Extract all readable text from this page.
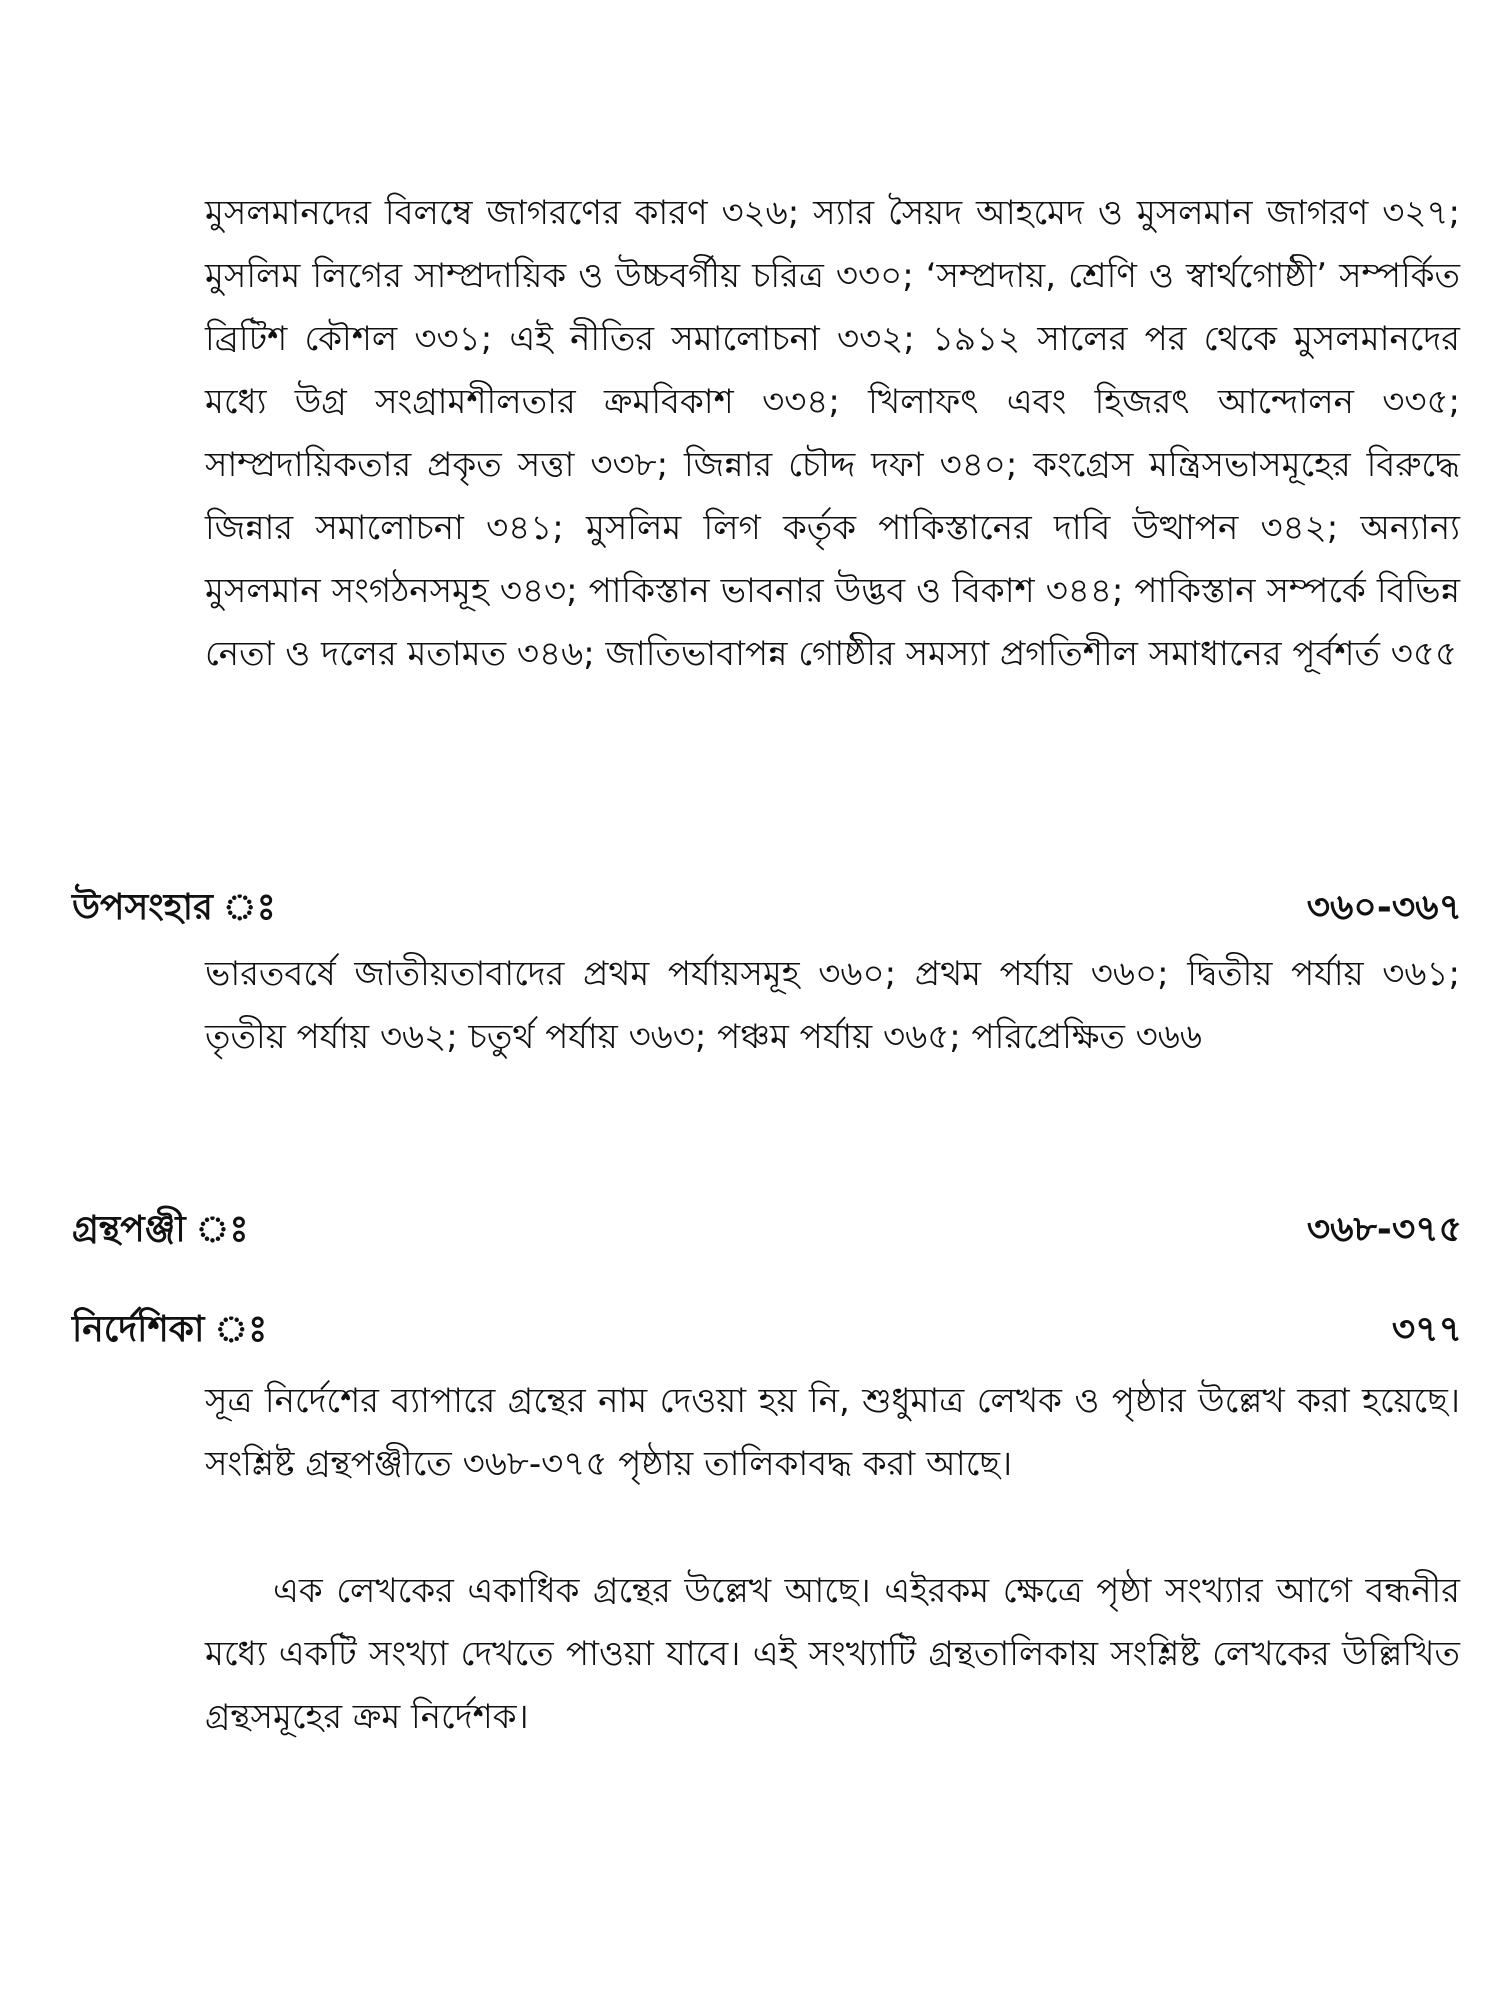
মুসলমানদের বিলম্বে জাগরণের কারণ ৩২৬; স্যার সৈয়দ আহমেদ ও মুসলমান জাগরণ ৩২৭; মুসলিম লিগের সাম্প্রদায়িক ও উচ্চবর্গীয় চরিত্র ৩৩০; ‘সম্প্রদায়, শ্রেণি ও স্বার্থগোষ্ঠী’ সম্পর্কিত ব্রিটিশ কৌশল ৩৩১; এই নীতির সমালোচনা ৩৩২; ১৯১২ সালের পর থেকে মুসলমানদের মধ্যে উগ্র সংগ্রামশীলতার ক্রমবিকাশ ৩৩৪; খিলাফৎ এবং হিজরৎ আন্দোলন ৩৩৫; সাম্প্রদায়িকতার প্রকৃত সত্তা ৩৩৮; জিন্নার চৌদ্দ দফা ৩৪০; কংগ্রেস মন্ত্রিসভাসমূহের বিরুদ্ধে জিন্নার সমালোচনা ৩৪১; মুসলিম লিগ কর্তৃক পাকিস্তানের দাবি উত্থাপন ৩৪২; অন্যান্য মুসলমান সংগঠনসমূহ ৩৪৩; পাকিস্তান ভাবনার উদ্ভব ও বিকাশ ৩৪৪; পাকিস্তান সম্পর্কে বিভিন্ন নেতা ও দলের মতামত ৩৪৬; জাতিভাবাপন্ন গোষ্ঠীর সমস্যা প্রগতিশীল সমাধানের পূর্বশর্ত ৩৫৫

উপসংহার ঃ	৩৬০-৩৬৭

ভারতবর্ষে জাতীয়তাবাদের প্রথম পর্যায়সমূহ ৩৬০; প্রথম পর্যায় ৩৬০; দ্বিতীয় পর্যায় ৩৬১; তৃতীয় পর্যায় ৩৬২; চতুর্থ পর্যায় ৩৬৩; পঞ্চম পর্যায় ৩৬৫; পরিপ্রেক্ষিত ৩৬৬

গ্রন্থপঞ্জী ঃ	৩৬৮-৩৭৫
নির্দেশিকা ঃ	৩৭৭

সূত্র নির্দেশের ব্যাপারে গ্রন্থের নাম দেওয়া হয় নি, শুধুমাত্র লেখক ও পৃষ্ঠার উল্লেখ করা হয়েছে। সংশ্লিষ্ট গ্রন্থপঞ্জীতে ৩৬৮-৩৭৫ পৃষ্ঠায় তালিকাবদ্ধ করা আছে।

এক লেখকের একাধিক গ্রন্থের উল্লেখ আছে। এইরকম ক্ষেত্রে পৃষ্ঠা সংখ্যার আগে বন্ধনীর মধ্যে একটি সংখ্যা দেখতে পাওয়া যাবে। এই সংখ্যাটি গ্রন্থতালিকায় সংশ্লিষ্ট লেখকের উল্লিখিত গ্রন্থসমূহের ক্রম নির্দেশক।
